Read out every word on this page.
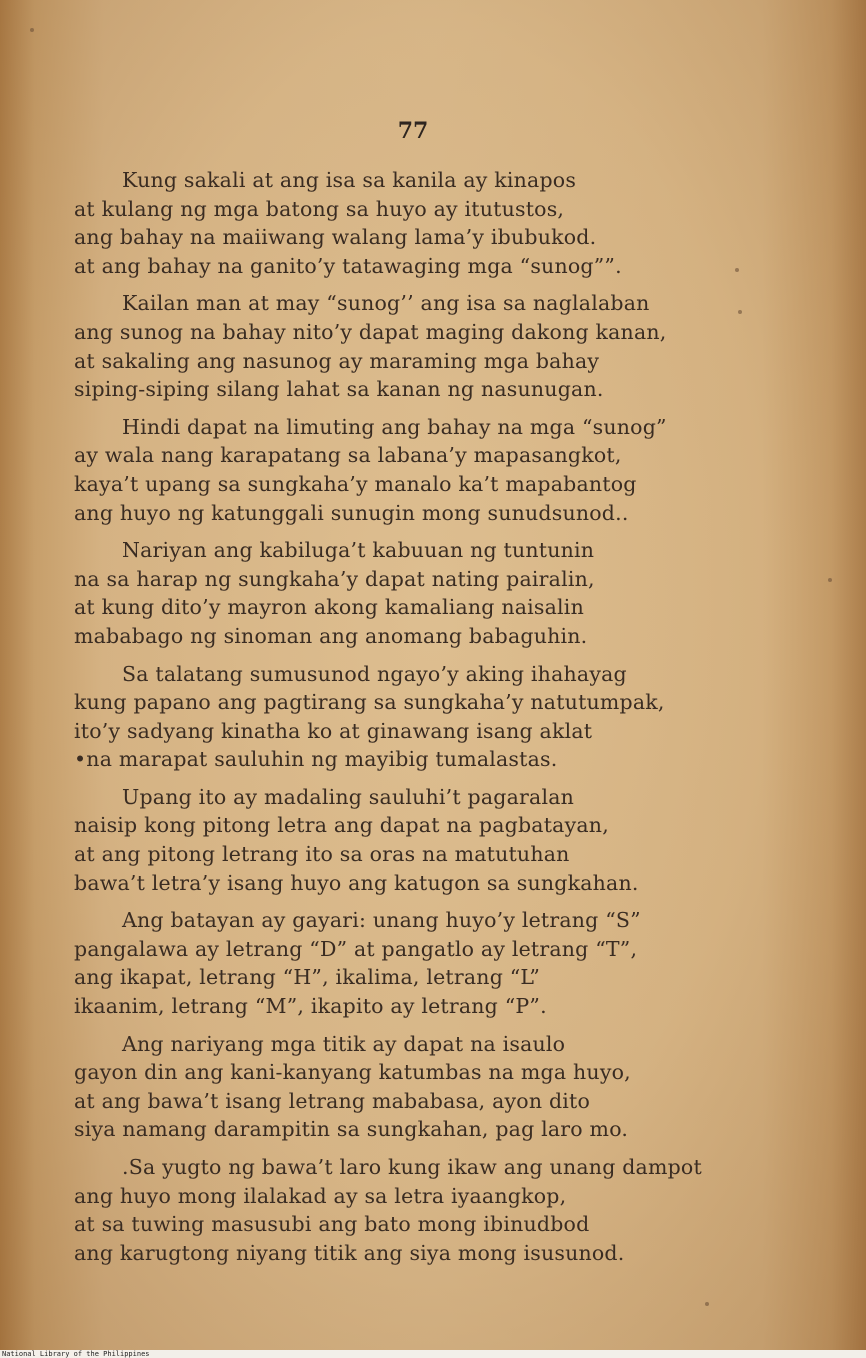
77
Kung sakali at ang isa sa kanila ay kinapos
at kulang ng mga batong sa huyo ay itutustos,
ang bahay na maiiwang walang lama’y ibubukod.
at ang bahay na ganito’y tatawaging mga “sunog””.
Kailan man at may “sunog’’ ang isa sa naglalaban
ang sunog na bahay nito’y dapat maging dakong kanan,
at sakaling ang nasunog ay maraming mga bahay
siping-siping silang lahat sa kanan ng nasunugan.
Hindi dapat na limuting ang bahay na mga “sunog”
ay wala nang karapatang sa labana’y mapasangkot,
kaya’t upang sa sungkaha’y manalo ka’t mapabantog
ang huyo ng katunggali sunugin mong sunudsunod..
Nariyan ang kabiluga’t kabuuan ng tuntunin
na sa harap ng sungkaha’y dapat nating pairalin,
at kung dito’y mayron akong kamaliang naisalin
mababago ng sinoman ang anomang babaguhin.
Sa talatang sumusunod ngayo’y aking ihahayag
kung papano ang pagtirang sa sungkaha’y natutumpak,
ito’y sadyang kinatha ko at ginawang isang aklat
•na marapat sauluhin ng mayibig tumalastas.
Upang ito ay madaling sauluhi’t pagaralan
naisip kong pitong letra ang dapat na pagbatayan,
at ang pitong letrang ito sa oras na matutuhan
bawa’t letra’y isang huyo ang katugon sa sungkahan.
Ang batayan ay gayari: unang huyo’y letrang “S”
pangalawa ay letrang “D” at pangatlo ay letrang “T”,
ang ikapat, letrang “H”, ikalima, letrang “L”
ikaanim, letrang “M”, ikapito ay letrang “P”.
Ang nariyang mga titik ay dapat na isaulo
gayon din ang kani-kanyang katumbas na mga huyo,
at ang bawa’t isang letrang mababasa, ayon dito
siya namang darampitin sa sungkahan, pag laro mo.
.Sa yugto ng bawa’t laro kung ikaw ang unang dampot
ang huyo mong ilalakad ay sa letra iyaangkop,
at sa tuwing masusubi ang bato mong ibinudbod
ang karugtong niyang titik ang siya mong isusunod.
National Library of the Philippines
